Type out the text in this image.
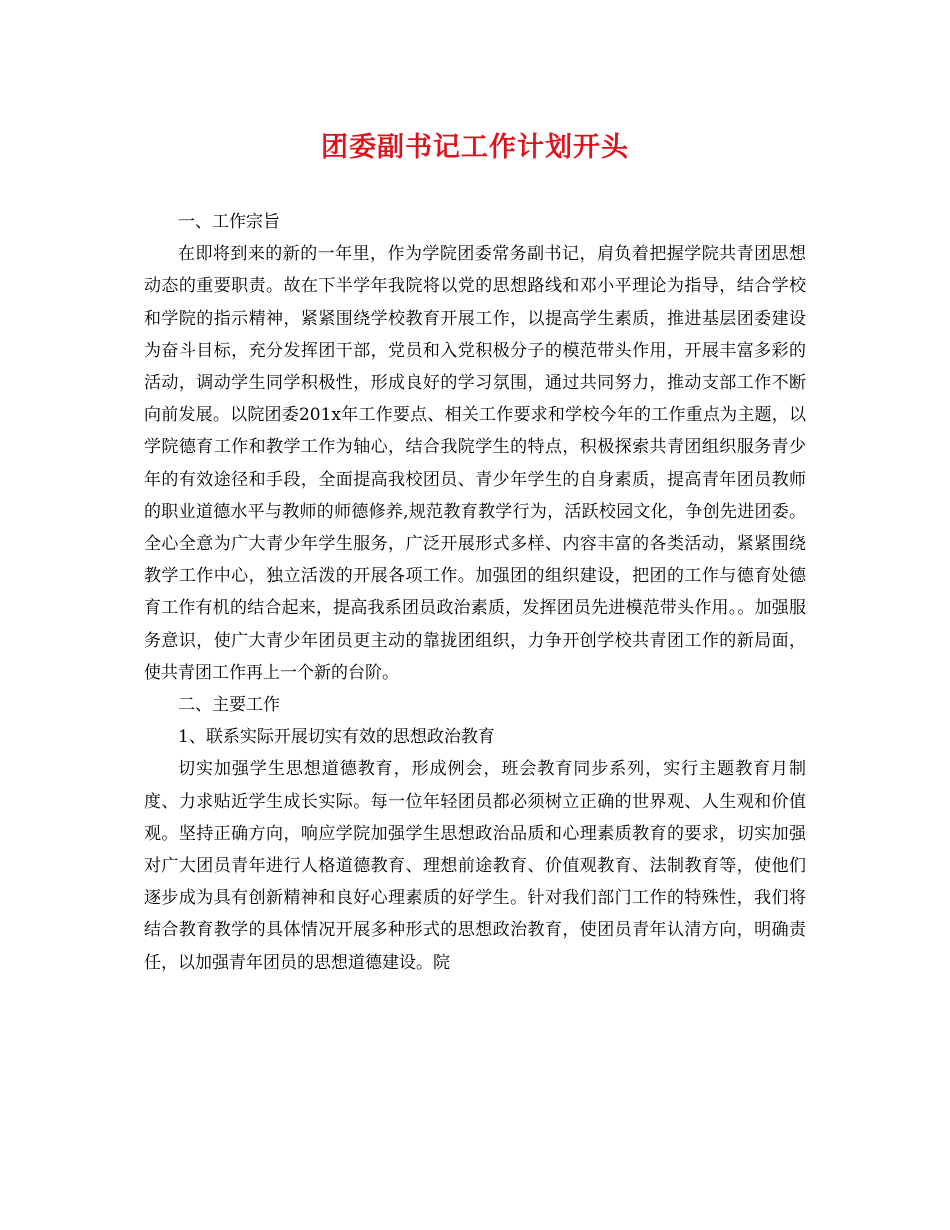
团委副书记工作计划开头

一、工作宗旨

在即将到来的新的一年里，作为学院团委常务副书记，肩负着把握学院共青团思想动态的重要职责。故在下半学年我院将以党的思想路线和邓小平理论为指导，结合学校和学院的指示精神，紧紧围绕学校教育开展工作，以提高学生素质，推进基层团委建设为奋斗目标，充分发挥团干部，党员和入党积极分子的模范带头作用，开展丰富多彩的活动，调动学生同学积极性，形成良好的学习氛围，通过共同努力，推动支部工作不断向前发展。以院团委201x年工作要点、相关工作要求和学校今年的工作重点为主题，以学院德育工作和教学工作为轴心，结合我院学生的特点，积极探索共青团组织服务青少年的有效途径和手段，全面提高我校团员、青少年学生的自身素质，提高青年团员教师的职业道德水平与教师的师德修养,规范教育教学行为，活跃校园文化，争创先进团委。全心全意为广大青少年学生服务，广泛开展形式多样、内容丰富的各类活动，紧紧围绕教学工作中心，独立活泼的开展各项工作。加强团的组织建设，把团的工作与德育处德育工作有机的结合起来，提高我系团员政治素质，发挥团员先进模范带头作用。。加强服务意识，使广大青少年团员更主动的靠拢团组织，力争开创学校共青团工作的新局面，使共青团工作再上一个新的台阶。

二、主要工作

1、联系实际开展切实有效的思想政治教育

切实加强学生思想道德教育，形成例会，班会教育同步系列，实行主题教育月制度、力求贴近学生成长实际。每一位年轻团员都必须树立正确的世界观、人生观和价值观。坚持正确方向，响应学院加强学生思想政治品质和心理素质教育的要求，切实加强对广大团员青年进行人格道德教育、理想前途教育、价值观教育、法制教育等，使他们逐步成为具有创新精神和良好心理素质的好学生。针对我们部门工作的特殊性，我们将结合教育教学的具体情况开展多种形式的思想政治教育，使团员青年认清方向，明确责任，以加强青年团员的思想道德建设。院
